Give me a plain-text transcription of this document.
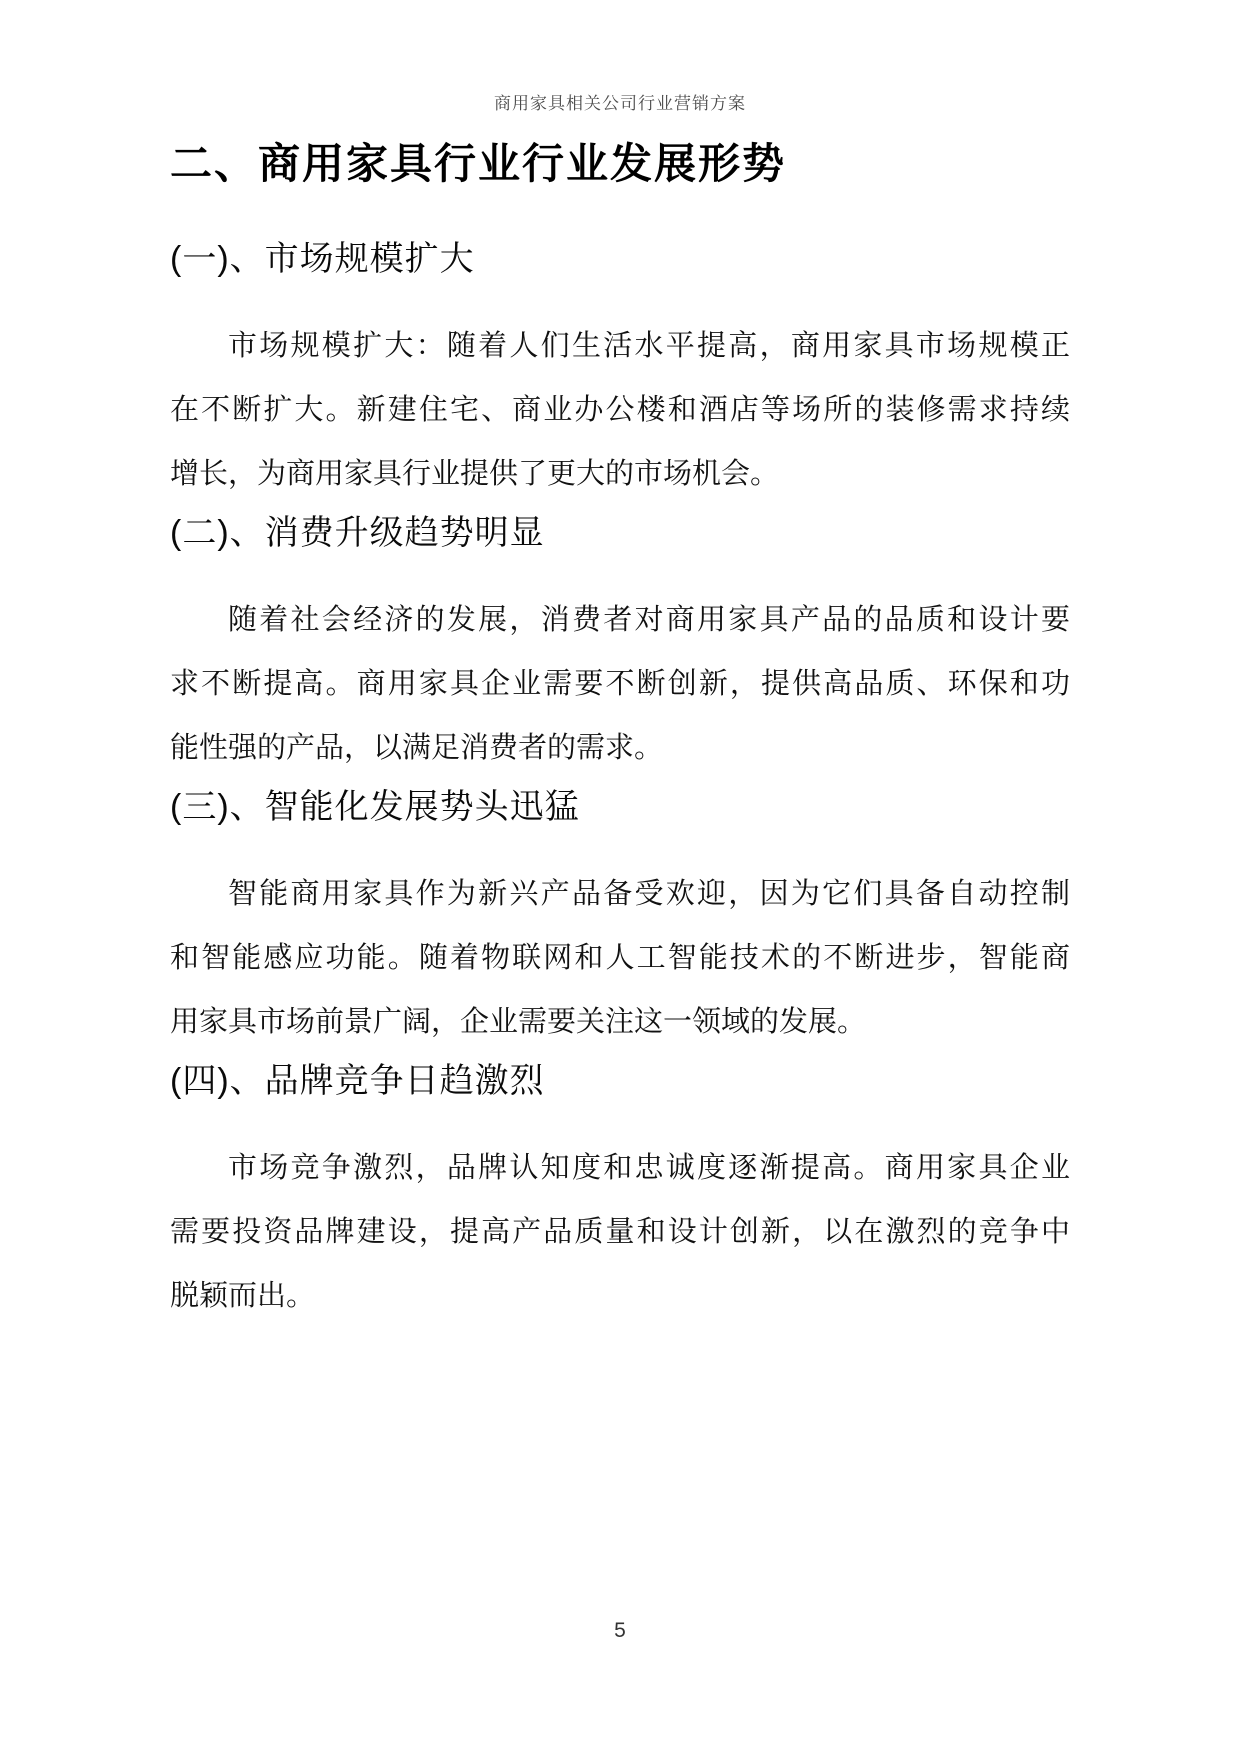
商用家具相关公司行业营销方案
二、商用家具行业行业发展形势
(一)、市场规模扩大
市场规模扩大：随着人们生活水平提高，商用家具市场规模正
在不断扩大。新建住宅、商业办公楼和酒店等场所的装修需求持续
增长，为商用家具行业提供了更大的市场机会。
(二)、消费升级趋势明显
随着社会经济的发展，消费者对商用家具产品的品质和设计要
求不断提高。商用家具企业需要不断创新，提供高品质、环保和功
能性强的产品，以满足消费者的需求。
(三)、智能化发展势头迅猛
智能商用家具作为新兴产品备受欢迎，因为它们具备自动控制
和智能感应功能。随着物联网和人工智能技术的不断进步，智能商
用家具市场前景广阔，企业需要关注这一领域的发展。
(四)、品牌竞争日趋激烈
市场竞争激烈，品牌认知度和忠诚度逐渐提高。商用家具企业
需要投资品牌建设，提高产品质量和设计创新，以在激烈的竞争中
脱颖而出。
5
